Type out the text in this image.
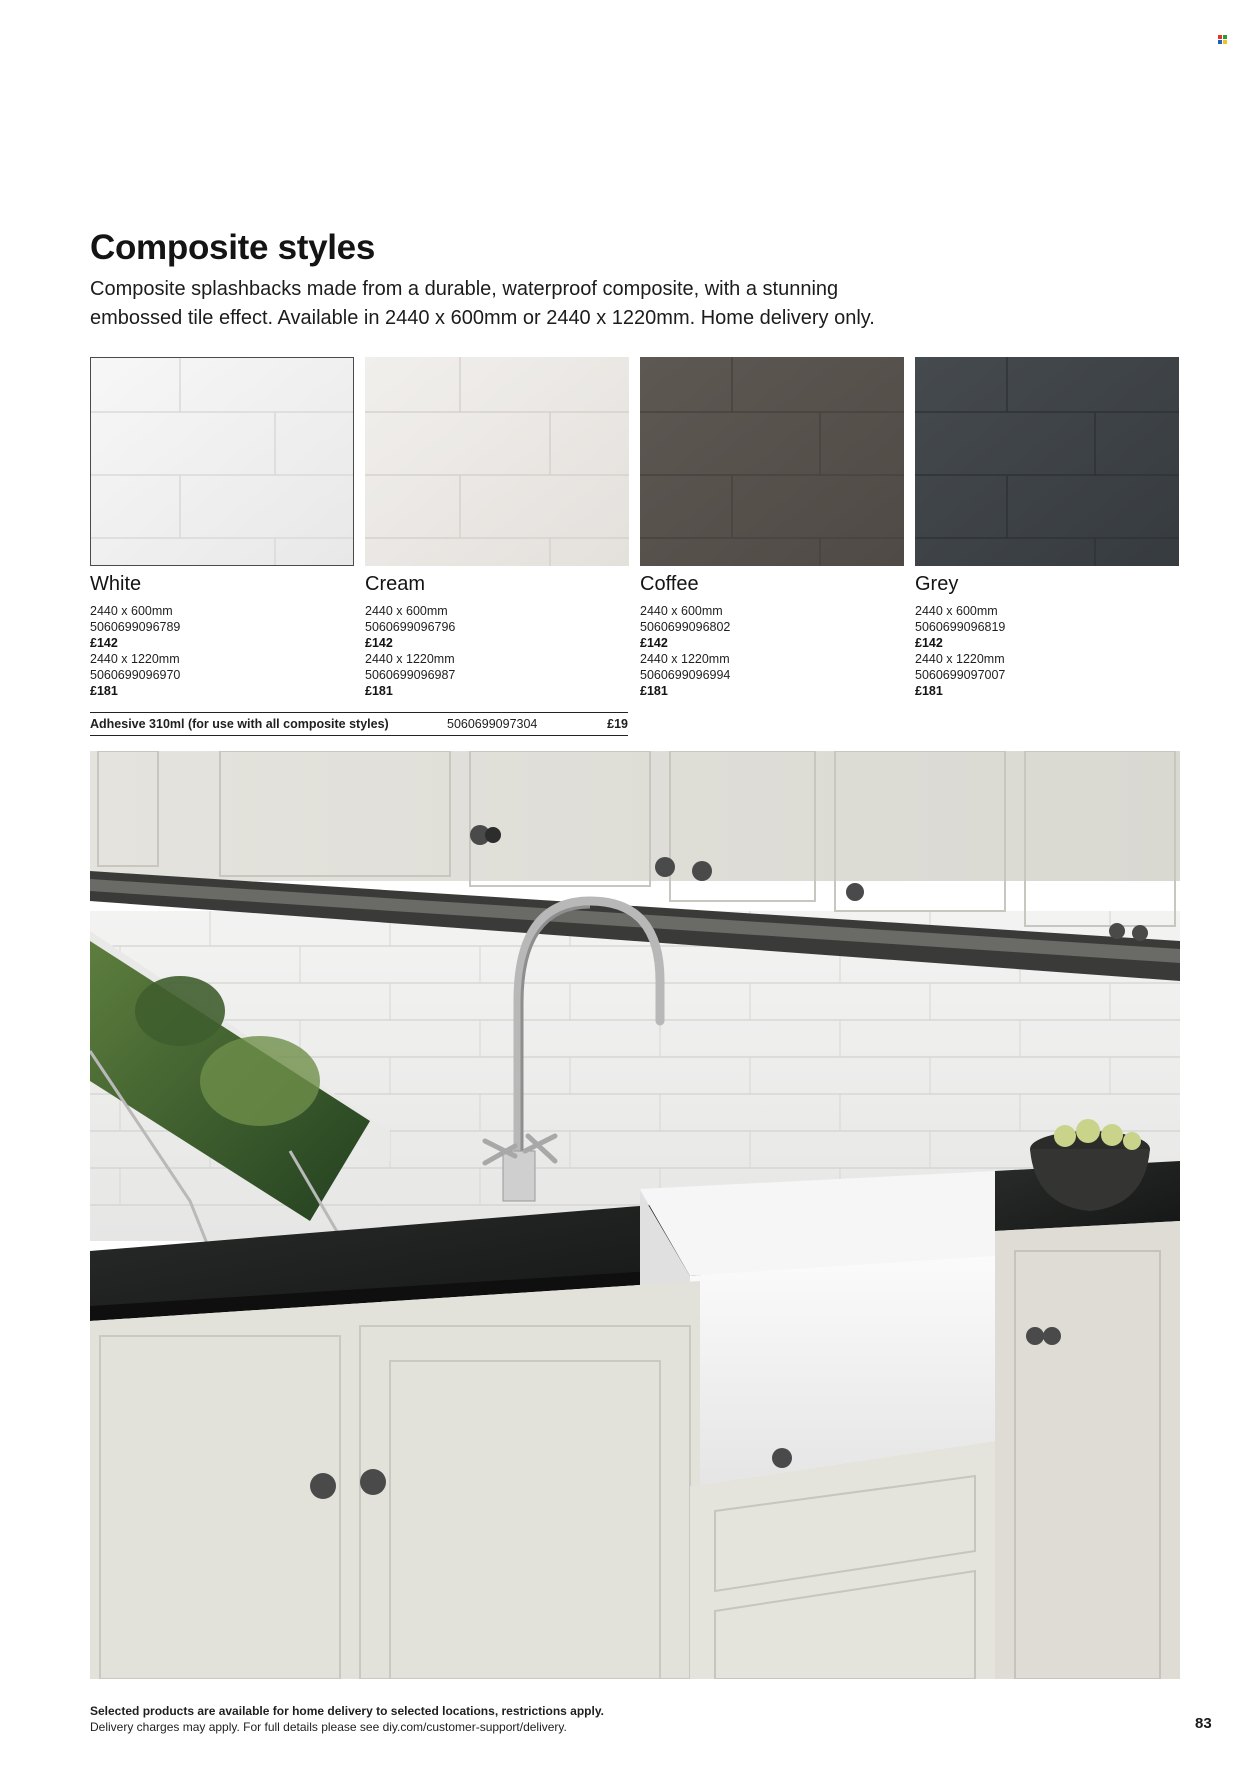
Composite styles

Composite splashbacks made from a durable, waterproof composite, with a stunning
embossed tile effect. Available in 2440 x 600mm or 2440 x 1220mm. Home delivery only.

White
2440 x 600mm
5060699096789
£142
2440 x 1220mm
5060699096970
£181
Cream
2440 x 600mm
5060699096796
£142
2440 x 1220mm
5060699096987
£181
Coffee
2440 x 600mm
5060699096802
£142
2440 x 1220mm
5060699096994
£181
Grey
2440 x 600mm
5060699096819
£142
2440 x 1220mm
5060699097007
£181
Adhesive 310ml (for use with all composite styles)	5060699097304	£19
Selected products are available for home delivery to selected locations, restrictions apply.
Delivery charges may apply. For full details please see diy.com/customer-support/delivery.	83
